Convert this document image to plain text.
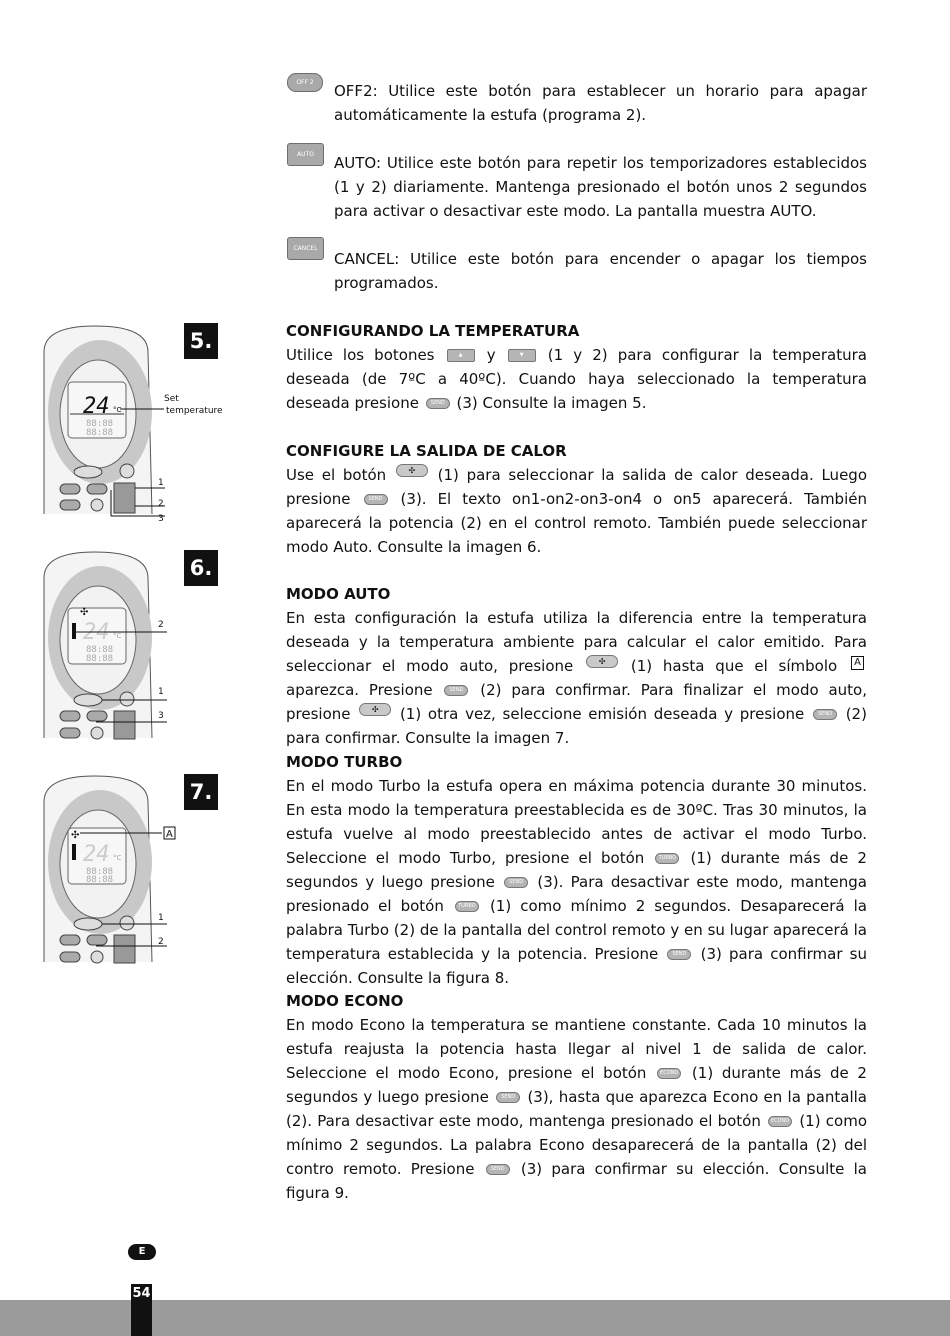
OFF 2
AUTO
CANCEL

OFF2: Utilice este botón para establecer un horario para apagar automáticamente la estufa (programa 2).

AUTO: Utilice este botón para repetir los temporizadores establecidos (1 y 2) diariamente. Mantenga presionado el botón unos 2 segundos para activar o desactivar este modo. La pantalla muestra AUTO.

CANCEL: Utilice este botón para encender o apagar los tiempos programados.

CONFIGURANDO LA TEMPERATURA

Utilice los botones	▲ y	▼ (1 y 2) para configurar la temperatura deseada (de 7ºC a 40ºC). Cuando haya seleccionado la temperatura deseada presione SEND (3) Consulte la imagen 5.

CONFIGURE LA SALIDA DE CALOR

Use el botón	✣ (1) para seleccionar la salida de calor deseada. Luego presione	SEND (3). El texto on1-on2-on3-on4 o on5 aparecerá. También aparecerá la potencia (2) en el control remoto. También puede seleccionar modo Auto. Consulte la imagen 6.

MODO AUTO

En esta configuración la estufa utiliza la diferencia entre la temperatura deseada y la temperatura ambiente para calcular el calor emitido. Para seleccionar el modo auto, presione	✣ (1) hasta que el símbolo A aparezca. Presione	SEND (2) para confirmar. Para finalizar el modo auto, presione	✣ (1) otra vez, seleccione emisión deseada y presione	SEND (2) para confirmar. Consulte la imagen 7.

MODO TURBO

En el modo Turbo la estufa opera en máxima potencia durante 30 minutos. En esta modo la temperatura preestablecida es de 30ºC. Tras 30 minutos, la estufa vuelve al modo preestablecido antes de activar el modo Turbo. Seleccione el modo Turbo, presione el botón	TURBO (1) durante más de 2 segundos y luego presione	SEND (3). Para desactivar este modo, mantenga presionado el botón	TURBO (1) como mínimo 2 segundos. Desaparecerá la palabra Turbo (2) de la pantalla del control remoto y en su lugar aparecerá la temperatura establecida y la potencia. Presione	SEND (3) para confirmar su elección. Consulte la figura 8.

MODO ECONO

En modo Econo la temperatura se mantiene constante. Cada 10 minutos la estufa reajusta la potencia hasta llegar al nivel 1 de salida de calor. Seleccione el modo Econo, presione el botón	ECONO (1) durante más de 2 segundos y luego presione SEND (3), hasta que aparezca Econo en la pantalla (2). Para desactivar este modo, mantenga presionado el botón ECONO (1) como mínimo 2 segundos. La palabra Econo desaparecerá de la pantalla (2) del contro remoto. Presione	SEND (3) para confirmar su elección. Consulte la figura 9.

5.
6.
7.
24 °C
88:88
88:88
1
2
3
Set
temperature
✣
24 °C
88:88
88:88
2
1
3
✣
24 °C
88:88
88:88
A
1
2
E
54
